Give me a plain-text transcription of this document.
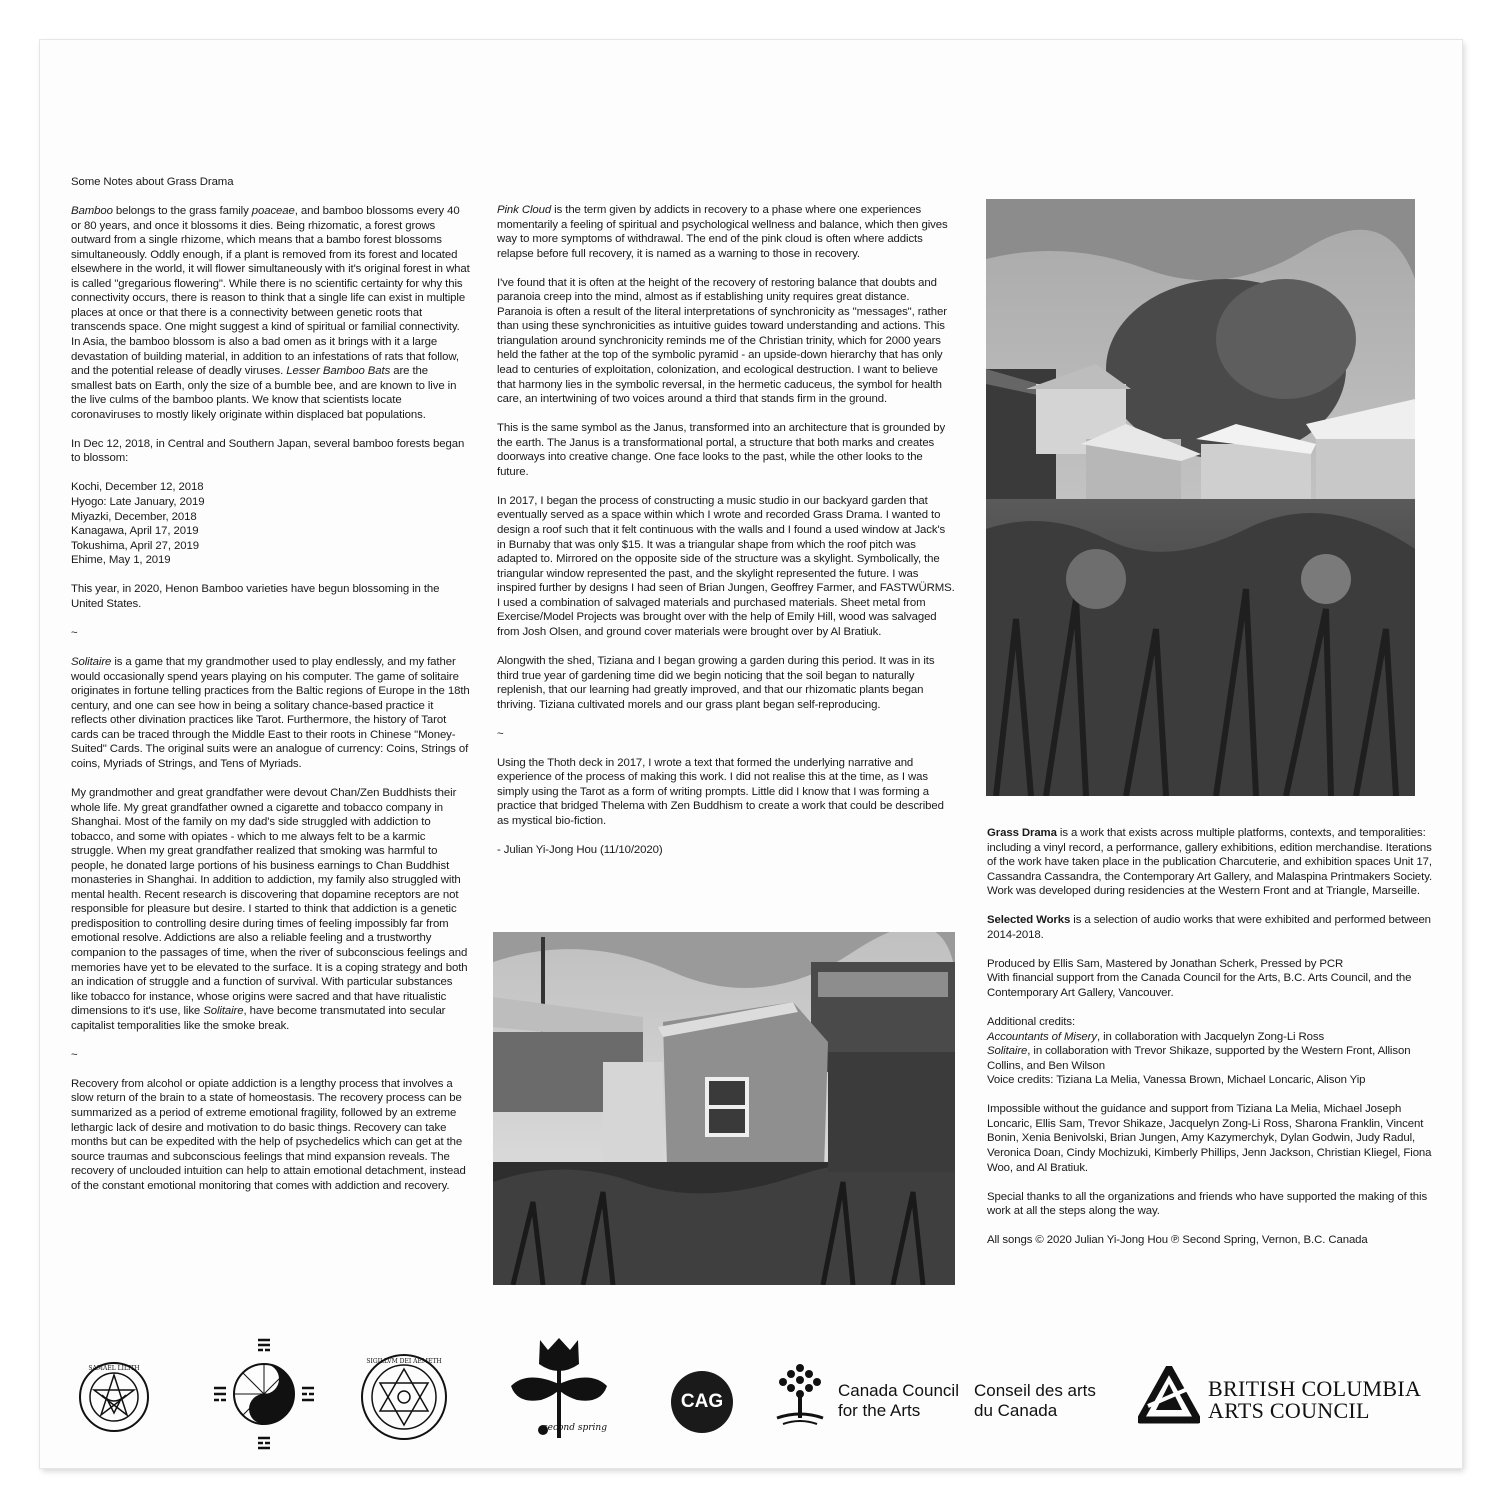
Some Notes about Grass Drama

Bamboo belongs to the grass family poaceae, and bamboo blossoms every 40 or 80 years, and once it blossoms it dies. Being rhizomatic, a forest grows outward from a single rhizome, which means that a bambo forest blossoms simultaneously. Oddly enough, if a plant is removed from its forest and located elsewhere in the world, it will flower simultaneously with it's original forest in what is called "gregarious flowering". While there is no scientific certainty for why this connectivity occurs, there is reason to think that a single life can exist in multiple places at once or that there is a connectivity between genetic roots that transcends space. One might suggest a kind of spiritual or familial connectivity. In Asia, the bamboo blossom is also a bad omen as it brings with it a large devastation of building material, in addition to an infestations of rats that follow, and the potential release of deadly viruses. Lesser Bamboo Bats are the smallest bats on Earth, only the size of a bumble bee, and are known to live in the live culms of the bamboo plants. We know that scientists locate coronaviruses to mostly likely originate within displaced bat populations.

In Dec 12, 2018, in Central and Southern Japan, several bamboo forests began to blossom:

Kochi, December 12, 2018

Hyogo: Late January, 2019

Miyazki, December, 2018

Kanagawa, April 17, 2019

Tokushima, April 27, 2019

Ehime, May 1, 2019

This year, in 2020, Henon Bamboo varieties have begun blossoming in the United States.

~

Solitaire is a game that my grandmother used to play endlessly, and my father would occasionally spend years playing on his computer. The game of solitaire originates in fortune telling practices from the Baltic regions of Europe in the 18th century, and one can see how in being a solitary chance-based practice it reflects other divination practices like Tarot. Furthermore, the history of Tarot cards can be traced through the Middle East to their roots in Chinese "Money-Suited" Cards. The original suits were an analogue of currency: Coins, Strings of coins, Myriads of Strings, and Tens of Myriads.

My grandmother and great grandfather were devout Chan/Zen Buddhists their whole life. My great grandfather owned a cigarette and tobacco company in Shanghai. Most of the family on my dad's side struggled with addiction to tobacco, and some with opiates - which to me always felt to be a karmic struggle. When my great grandfather realized that smoking was harmful to people, he donated large portions of his business earnings to Chan Buddhist monasteries in Shanghai. In addition to addiction, my family also struggled with mental health. Recent research is discovering that dopamine receptors are not responsible for pleasure but desire. I started to think that addiction is a genetic predisposition to controlling desire during times of feeling impossibly far from emotional resolve. Addictions are also a reliable feeling and a trustworthy companion to the passages of time, when the river of subconscious feelings and memories have yet to be elevated to the surface. It is a coping strategy and both an indication of struggle and a function of survival. With particular substances like tobacco for instance, whose origins were sacred and that have ritualistic dimensions to it's use, like Solitaire, have become transmutated into secular capitalist temporalities like the smoke break.

~

Recovery from alcohol or opiate addiction is a lengthy process that involves a slow return of the brain to a state of homeostasis. The recovery process can be summarized as a period of extreme emotional fragility, followed by an extreme lethargic lack of desire and motivation to do basic things. Recovery can take months but can be expedited with the help of psychedelics which can get at the source traumas and subconscious feelings that mind expansion reveals. The recovery of unclouded intuition can help to attain emotional detachment, instead of the constant emotional monitoring that comes with addiction and recovery.

Pink Cloud is the term given by addicts in recovery to a phase where one experiences momentarily a feeling of spiritual and psychological wellness and balance, which then gives way to more symptoms of withdrawal. The end of the pink cloud is often where addicts relapse before full recovery, it is named as a warning to those in recovery.

I've found that it is often at the height of the recovery of restoring balance that doubts and paranoia creep into the mind, almost as if establishing unity requires great distance. Paranoia is often a result of the literal interpretations of synchronicity as "messages", rather than using these synchronicities as intuitive guides toward understanding and actions. This triangulation around synchronicity reminds me of the Christian trinity, which for 2000 years held the father at the top of the symbolic pyramid - an upside-down hierarchy that has only lead to centuries of exploitation, colonization, and ecological destruction. I want to believe that harmony lies in the symbolic reversal, in the hermetic caduceus, the symbol for health care, an intertwining of two voices around a third that stands firm in the ground.

This is the same symbol as the Janus, transformed into an architecture that is grounded by the earth. The Janus is a transformational portal, a structure that both marks and creates doorways into creative change. One face looks to the past, while the other looks to the future.

In 2017, I began the process of constructing a music studio in our backyard garden that eventually served as a space within which I wrote and recorded Grass Drama. I wanted to design a roof such that it felt continuous with the walls and I found a used window at Jack's in Burnaby that was only $15. It was a triangular shape from which the roof pitch was adapted to. Mirrored on the opposite side of the structure was a skylight. Symbolically, the triangular window represented the past, and the skylight represented the future. I was inspired further by designs I had seen of Brian Jungen, Geoffrey Farmer, and FASTWÜRMS. I used a combination of salvaged materials and purchased materials. Sheet metal from Exercise/Model Projects was brought over with the help of Emily Hill, wood was salvaged from Josh Olsen, and ground cover materials were brought over by Al Bratiuk.

Alongwith the shed, Tiziana and I began growing a garden during this period. It was in its third true year of gardening time did we begin noticing that the soil began to naturally replenish, that our learning had greatly improved, and that our rhizomatic plants began thriving. Tiziana cultivated morels and our grass plant began self-reproducing.

~

Using the Thoth deck in 2017, I wrote a text that formed the underlying narrative and experience of the process of making this work. I did not realise this at the time, as I was simply using the Tarot as a form of writing prompts. Little did I know that I was forming a practice that bridged Thelema with Zen Buddhism to create a work that could be described as mystical bio-fiction.

- Julian Yi-Jong Hou (11/10/2020)

Grass Drama is a work that exists across multiple platforms, contexts, and temporalities: including a vinyl record, a performance, gallery exhibitions, edition merchandise. Iterations of the work have taken place in the publication Charcuterie, and exhibition spaces Unit 17, Cassandra Cassandra, the Contemporary Art Gallery, and Malaspina Printmakers Society. Work was developed during residencies at the Western Front and at Triangle, Marseille.

Selected Works is a selection of audio works that were exhibited and performed between 2014-2018.

Produced by Ellis Sam, Mastered by Jonathan Scherk, Pressed by PCR
With financial support from the Canada Council for the Arts, B.C. Arts Council, and the Contemporary Art Gallery, Vancouver.

Additional credits:
Accountants of Misery, in collaboration with Jacquelyn Zong-Li Ross
Solitaire, in collaboration with Trevor Shikaze, supported by the Western Front, Allison Collins, and Ben Wilson
Voice credits: Tiziana La Melia, Vanessa Brown, Michael Loncaric, Alison Yip

Impossible without the guidance and support from Tiziana La Melia, Michael Joseph Loncaric, Ellis Sam, Trevor Shikaze, Jacquelyn Zong-Li Ross, Sharona Franklin, Vincent Bonin, Xenia Benivolski, Brian Jungen, Amy Kazymerchyk, Dylan Godwin, Judy Radul, Veronica Doan, Cindy Mochizuki, Kimberly Phillips, Jenn Jackson, Christian Kliegel, Fiona Woo, and Al Bratiuk.

Special thanks to all the organizations and friends who have supported the making of this work at all the steps along the way.

All songs © 2020 Julian Yi-Jong Hou ℗ Second Spring, Vernon, B.C. Canada

SAMAEL LILITH
SIGILLVM DEI AEMETH
second spring
CAG
Canada Council
for the Arts
Conseil des arts
du Canada
BRITISH COLUMBIA
ARTS COUNCIL
